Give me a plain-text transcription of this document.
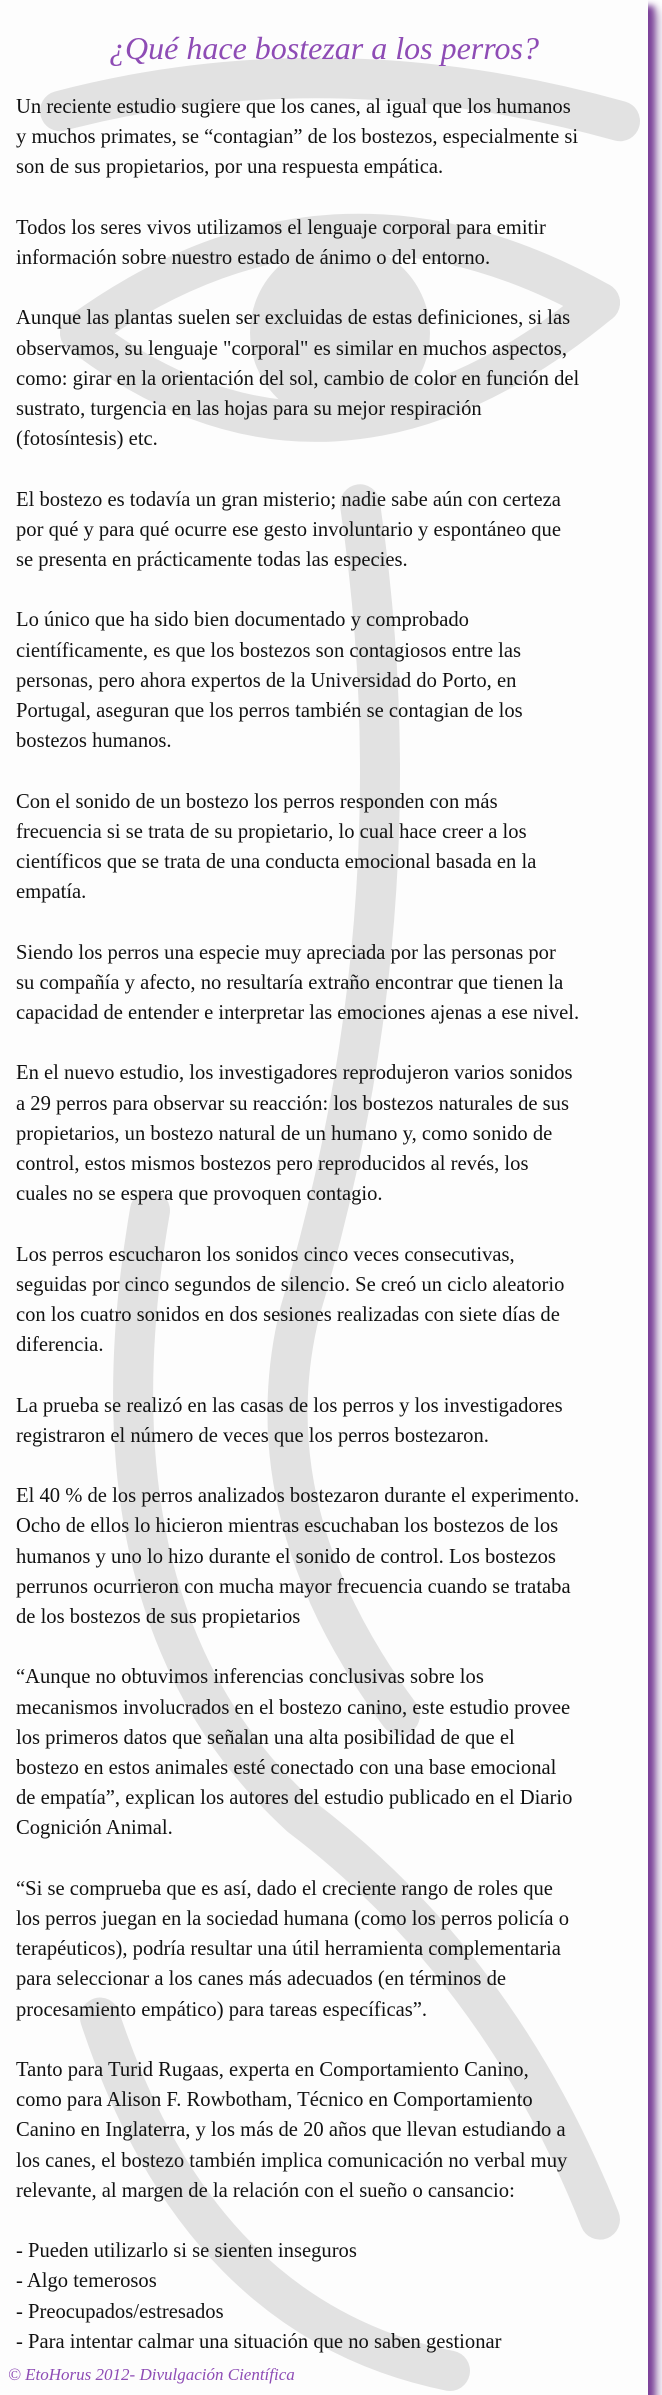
¿Qué hace bostezar a los perros?

Un reciente estudio sugiere que los canes, al igual que los humanos
y muchos primates, se “contagian” de los bostezos, especialmente si
son de sus propietarios, por una respuesta empática.

Todos los seres vivos utilizamos el lenguaje corporal para emitir
información sobre nuestro estado de ánimo o del entorno.

Aunque las plantas suelen ser excluidas de estas definiciones, si las
observamos, su lenguaje "corporal" es similar en muchos aspectos,
como: girar en la orientación del sol, cambio de color en función del
sustrato, turgencia en las hojas para su mejor respiración
(fotosíntesis) etc.

El bostezo es todavía un gran misterio; nadie sabe aún con certeza
por qué y para qué ocurre ese gesto involuntario y espontáneo que
se presenta en prácticamente todas las especies.

Lo único que ha sido bien documentado y comprobado
científicamente, es que los bostezos son contagiosos entre las
personas, pero ahora expertos de la Universidad do Porto, en
Portugal, aseguran que los perros también se contagian de los
bostezos humanos.

Con el sonido de un bostezo los perros responden con más
frecuencia si se trata de su propietario, lo cual hace creer a los
científicos que se trata de una conducta emocional basada en la
empatía.

Siendo los perros una especie muy apreciada por las personas por
su compañía y afecto, no resultaría extraño encontrar que tienen la
capacidad de entender e interpretar las emociones ajenas a ese nivel.

En el nuevo estudio, los investigadores reprodujeron varios sonidos
a 29 perros para observar su reacción: los bostezos naturales de sus
propietarios, un bostezo natural de un humano y, como sonido de
control, estos mismos bostezos pero reproducidos al revés, los
cuales no se espera que provoquen contagio.

Los perros escucharon los sonidos cinco veces consecutivas,
seguidas por cinco segundos de silencio. Se creó un ciclo aleatorio
con los cuatro sonidos en dos sesiones realizadas con siete días de
diferencia.

La prueba se realizó en las casas de los perros y los investigadores
registraron el número de veces que los perros bostezaron.

El 40 % de los perros analizados bostezaron durante el experimento.
Ocho de ellos lo hicieron mientras escuchaban los bostezos de los
humanos y uno lo hizo durante el sonido de control. Los bostezos
perrunos ocurrieron con mucha mayor frecuencia cuando se trataba
de los bostezos de sus propietarios

“Aunque no obtuvimos inferencias conclusivas sobre los
mecanismos involucrados en el bostezo canino, este estudio provee
los primeros datos que señalan una alta posibilidad de que el
bostezo en estos animales esté conectado con una base emocional
de empatía”, explican los autores del estudio publicado en el Diario
Cognición Animal.

“Si se comprueba que es así, dado el creciente rango de roles que
los perros juegan en la sociedad humana (como los perros policía o
terapéuticos), podría resultar una útil herramienta complementaria
para seleccionar a los canes más adecuados (en términos de
procesamiento empático) para tareas específicas”.

Tanto para Turid Rugaas, experta en Comportamiento Canino,
como para Alison F. Rowbotham, Técnico en Comportamiento
Canino en Inglaterra, y los más de 20 años que llevan estudiando a
los canes, el bostezo también implica comunicación no verbal muy
relevante, al margen de la relación con el sueño o cansancio:

- Pueden utilizarlo si se sienten inseguros
- Algo temerosos
- Preocupados/estresados
- Para intentar calmar una situación que no saben gestionar

© EtoHorus 2012- Divulgación Científica
